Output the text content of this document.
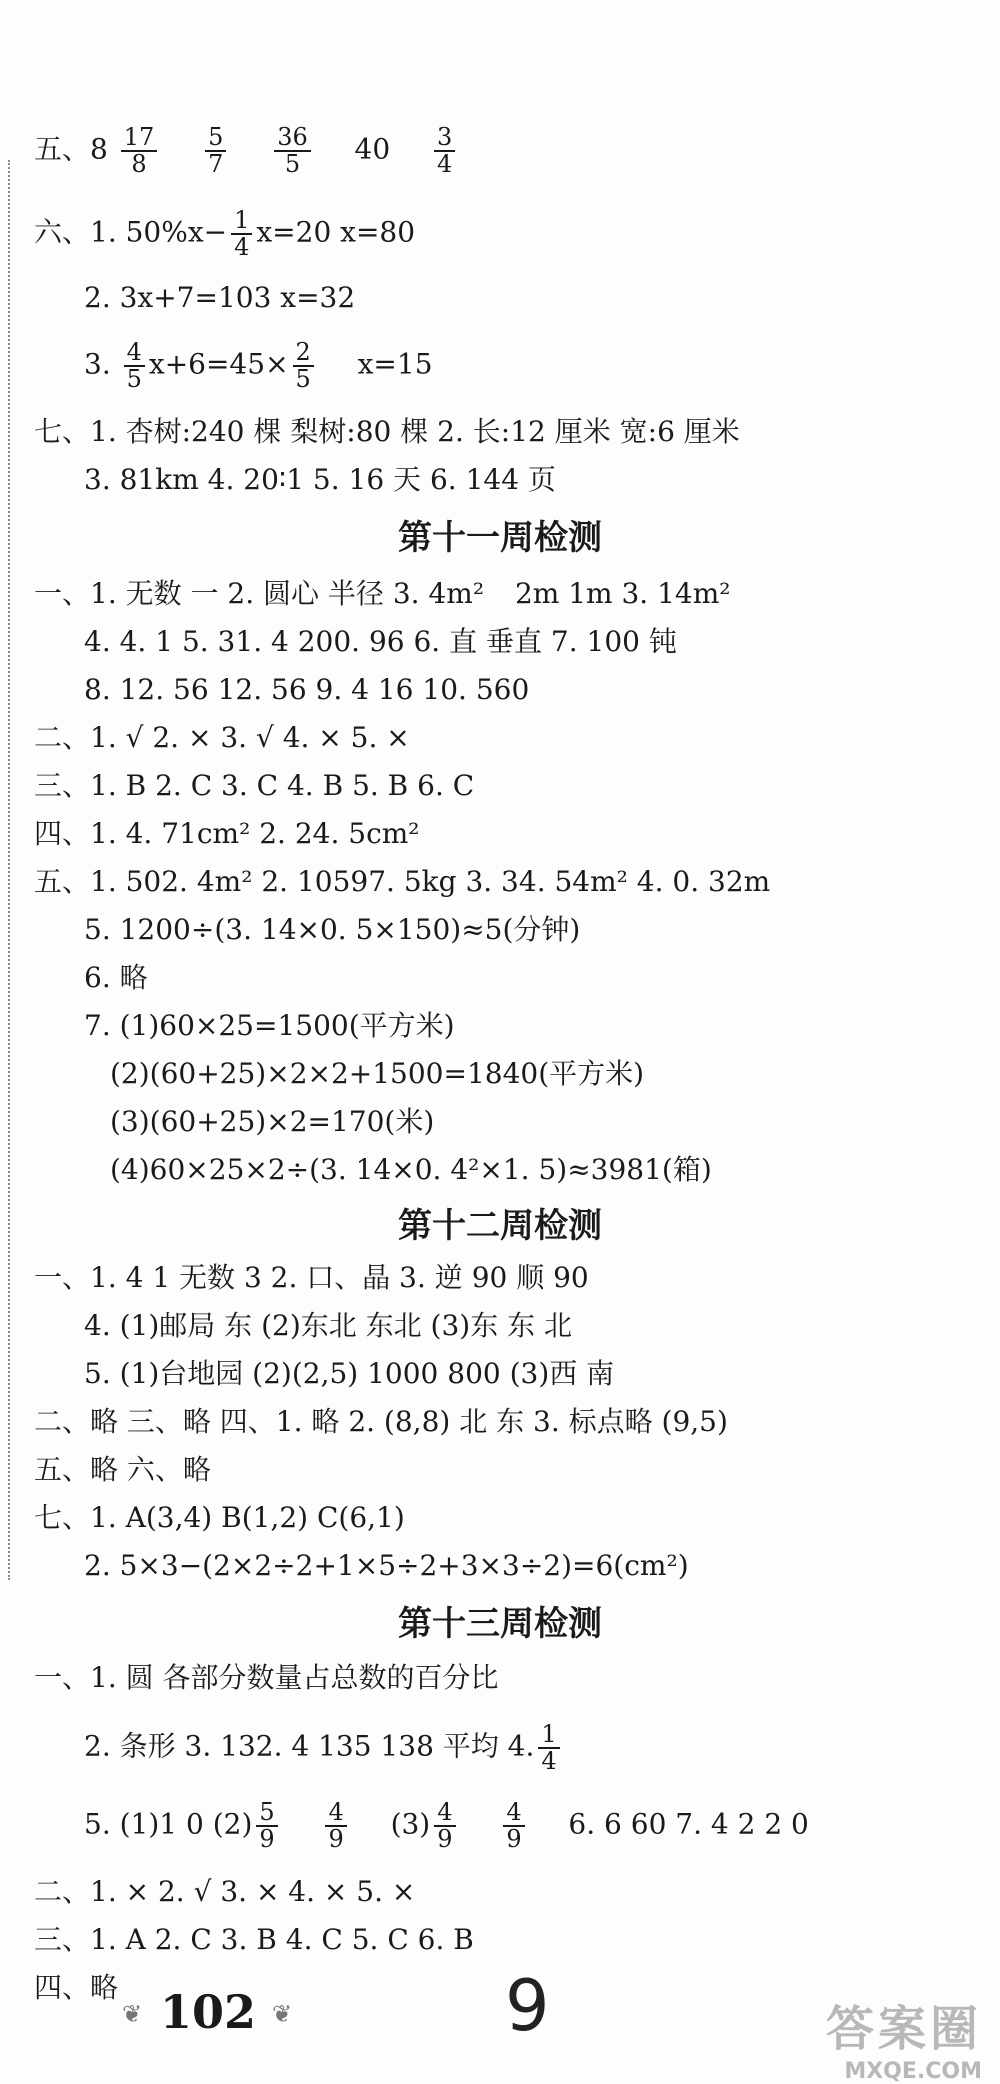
五、$8 \frac{17}{8}$
$\frac{5}{7}$
$\frac{36}{5} 40 \frac{3}{4}$
六、1. $50\%x- \frac{1}{4} x=20$ x=80
2. 3x+7=103 x=32
3. $\frac{4}{5} x+6=45\times \frac{2}{5} x=15$
七、1. 杏树:240 棵 梨树:80 棵 2. 长:12 厘米 宽:6 厘米
3. 81km 4. 20∶1 5. 16 天 6. 144 页
第十一周检测
一、1. 无数 一 2. 圆心 半径 3. 4m² 2m 1m 3. 14m²
4. 4. 1 5. 31. 4 200. 96 6. 直 垂直 7. 100 钝
8. 12. 56 12. 56 9. 4 16 10. 560
二、1. √ 2. × 3. √ 4. × 5. ×
三、1. B 2. C 3. C 4. B 5. B 6. C
四、1. 4. 71cm² 2. 24. 5cm²
五、1. 502. 4m² 2. 10597. 5kg 3. 34. 54m² 4. 0. 32m
5. 1200÷(3. 14×0. 5×150)≈5(分钟)
6. 略
7. (1)60×25=1500(平方米)
(2)(60+25)×2×2+1500=1840(平方米)
(3)(60+25)×2=170(米)
(4)60×25×2÷(3. 14×0. 4²×1. 5)≈3981(箱)
第十二周检测
一、1. 4 1 无数 3 2. 口、晶 3. 逆 90 顺 90
4. (1)邮局 东 (2)东北 东北 (3)东 东 北
5. (1)台地园 (2)(2,5) 1000 800 (3)西 南
二、略 三、略 四、1. 略 2. (8,8) 北 东 3. 标点略 (9,5)
五、略 六、略
七、1. A(3,4) B(1,2) C(6,1)
2. 5×3−(2×2÷2+1×5÷2+3×3÷2)=6(cm²)
第十三周检测
一、1. 圆 各部分数量占总数的百分比
2. 条形 3. 132. 4 135 138 平均 4. $\frac{1}{4}$
5. (1)1 0 $(2) \frac{5}{9}$
$\frac{4}{9} (3) \frac{4}{9}$
$\frac{4}{9} 6$. 6 60 7. 4 2 2 0
二、1. × 2. √ 3. × 4. × 5. ×
三、1. A 2. C 3. B 4. C 5. C 6. B
四、略
❦ 102 ❦	9	答案圈
MXQE.COM
